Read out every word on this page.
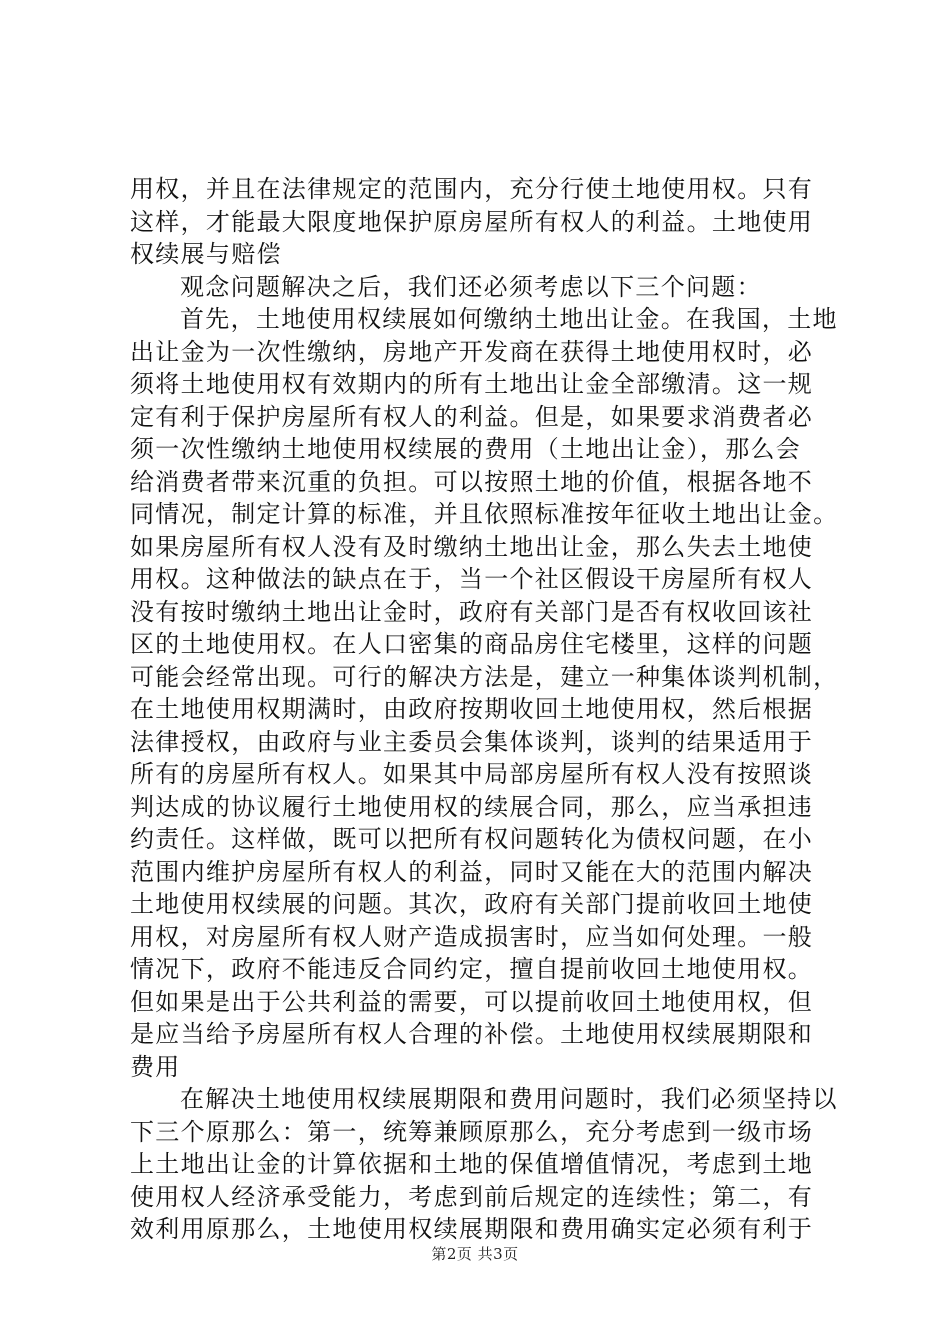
用权，并且在法律规定的范围内，充分行使土地使用权。只有
这样，才能最大限度地保护原房屋所有权人的利益。土地使用
权续展与赔偿
观念问题解决之后，我们还必须考虑以下三个问题：
首先，土地使用权续展如何缴纳土地出让金。在我国，土地
出让金为一次性缴纳，房地产开发商在获得土地使用权时，必
须将土地使用权有效期内的所有土地出让金全部缴清。这一规
定有利于保护房屋所有权人的利益。但是，如果要求消费者必
须一次性缴纳土地使用权续展的费用（土地出让金），那么会
给消费者带来沉重的负担。可以按照土地的价值，根据各地不
同情况，制定计算的标准，并且依照标准按年征收土地出让金。
如果房屋所有权人没有及时缴纳土地出让金，那么失去土地使
用权。这种做法的缺点在于，当一个社区假设干房屋所有权人
没有按时缴纳土地出让金时，政府有关部门是否有权收回该社
区的土地使用权。在人口密集的商品房住宅楼里，这样的问题
可能会经常出现。可行的解决方法是，建立一种集体谈判机制，
在土地使用权期满时，由政府按期收回土地使用权，然后根据
法律授权，由政府与业主委员会集体谈判，谈判的结果适用于
所有的房屋所有权人。如果其中局部房屋所有权人没有按照谈
判达成的协议履行土地使用权的续展合同，那么，应当承担违
约责任。这样做，既可以把所有权问题转化为债权问题，在小
范围内维护房屋所有权人的利益，同时又能在大的范围内解决
土地使用权续展的问题。其次，政府有关部门提前收回土地使
用权，对房屋所有权人财产造成损害时，应当如何处理。一般
情况下，政府不能违反合同约定，擅自提前收回土地使用权。
但如果是出于公共利益的需要，可以提前收回土地使用权，但
是应当给予房屋所有权人合理的补偿。土地使用权续展期限和
费用
在解决土地使用权续展期限和费用问题时，我们必须坚持以
下三个原那么：第一，统筹兼顾原那么，充分考虑到一级市场
上土地出让金的计算依据和土地的保值增值情况，考虑到土地
使用权人经济承受能力，考虑到前后规定的连续性；第二，有
效利用原那么，土地使用权续展期限和费用确实定必须有利于
第2页 共3页
